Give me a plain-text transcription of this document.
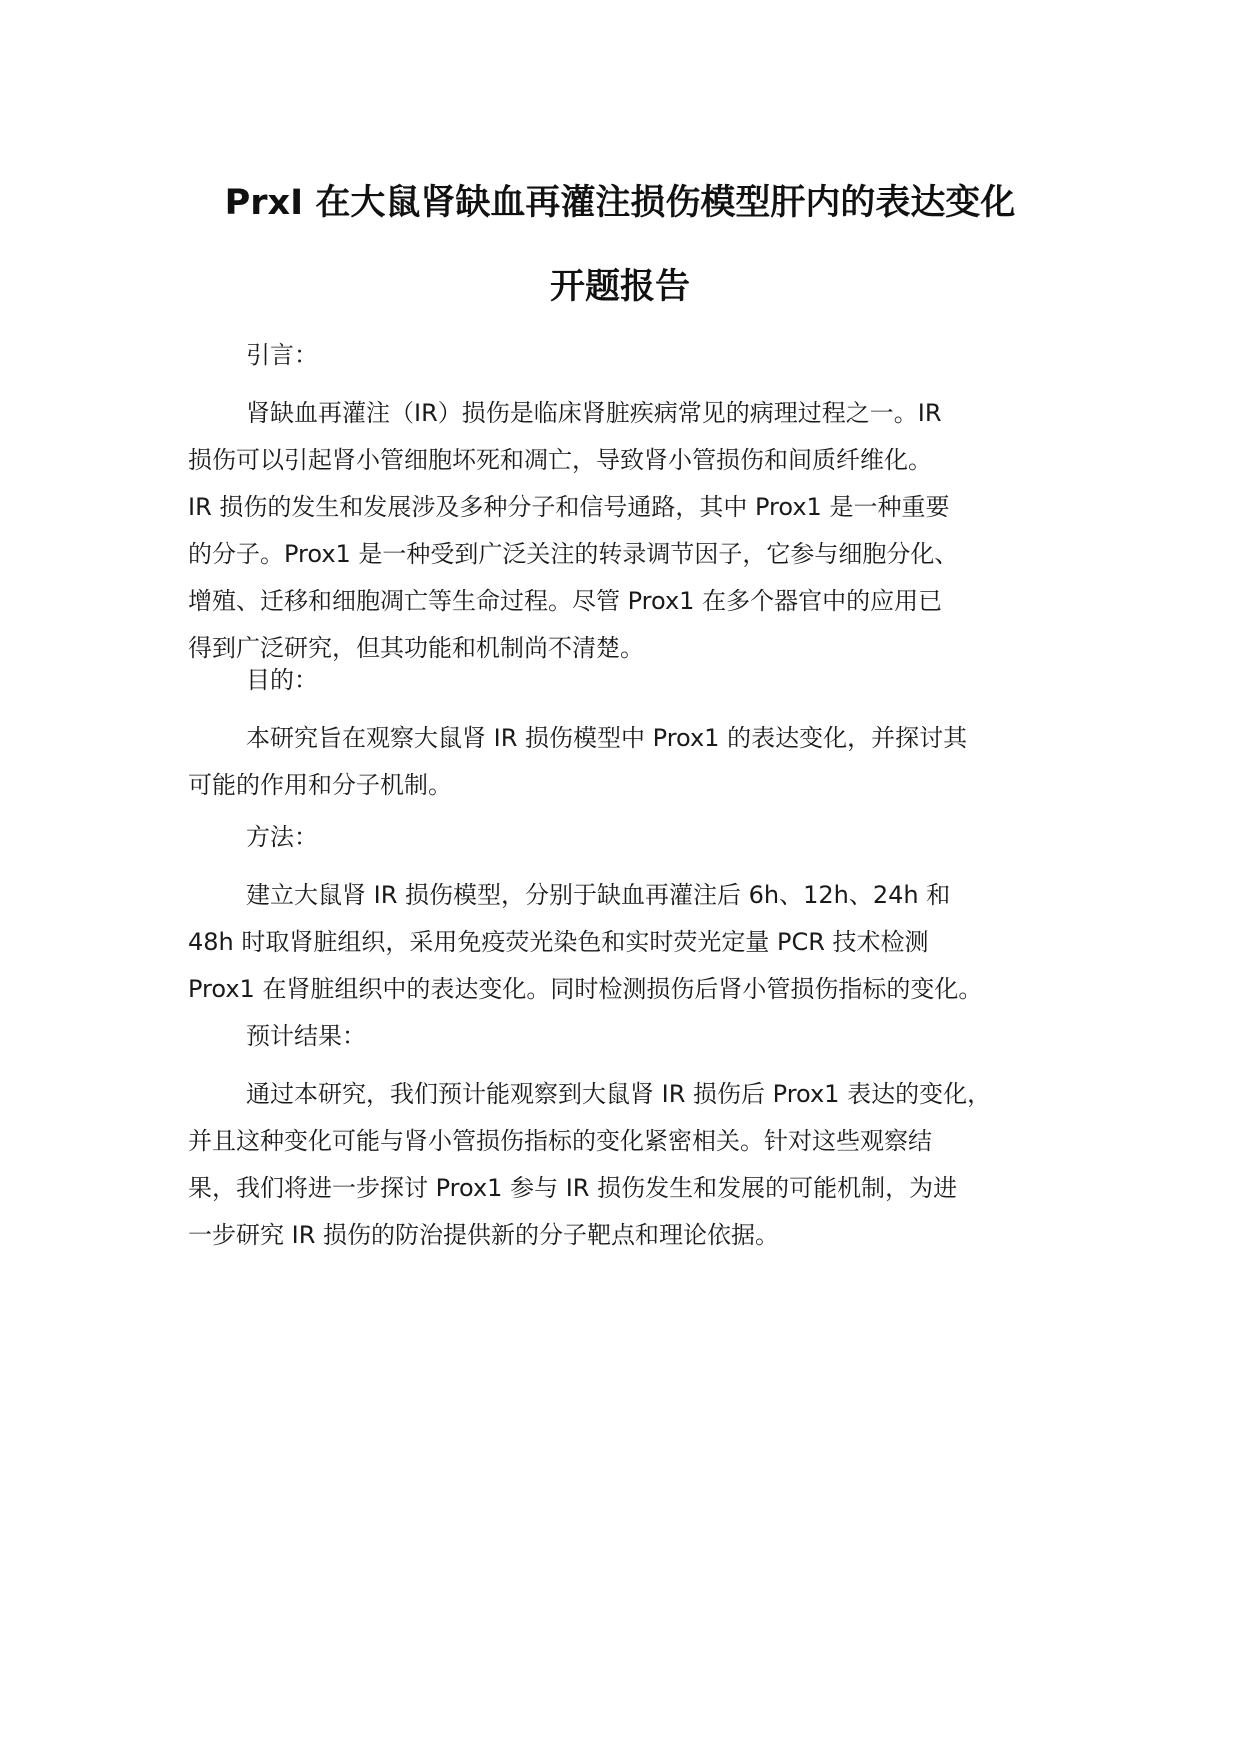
PrxI 在大鼠肾缺血再灌注损伤模型肝内的表达变化
开题报告
引言：
肾缺血再灌注（IR）损伤是临床肾脏疾病常见的病理过程之一。IR
损伤可以引起肾小管细胞坏死和凋亡，导致肾小管损伤和间质纤维化。
IR 损伤的发生和发展涉及多种分子和信号通路，其中 Prox1 是一种重要
的分子。Prox1 是一种受到广泛关注的转录调节因子，它参与细胞分化、
增殖、迁移和细胞凋亡等生命过程。尽管 Prox1 在多个器官中的应用已
得到广泛研究，但其功能和机制尚不清楚。
目的：
本研究旨在观察大鼠肾 IR 损伤模型中 Prox1 的表达变化，并探讨其
可能的作用和分子机制。
方法：
建立大鼠肾 IR 损伤模型，分别于缺血再灌注后 6h、12h、24h 和
48h 时取肾脏组织，采用免疫荧光染色和实时荧光定量 PCR 技术检测
Prox1 在肾脏组织中的表达变化。同时检测损伤后肾小管损伤指标的变化。
预计结果：
通过本研究，我们预计能观察到大鼠肾 IR 损伤后 Prox1 表达的变化，
并且这种变化可能与肾小管损伤指标的变化紧密相关。针对这些观察结
果，我们将进一步探讨 Prox1 参与 IR 损伤发生和发展的可能机制，为进
一步研究 IR 损伤的防治提供新的分子靶点和理论依据。
